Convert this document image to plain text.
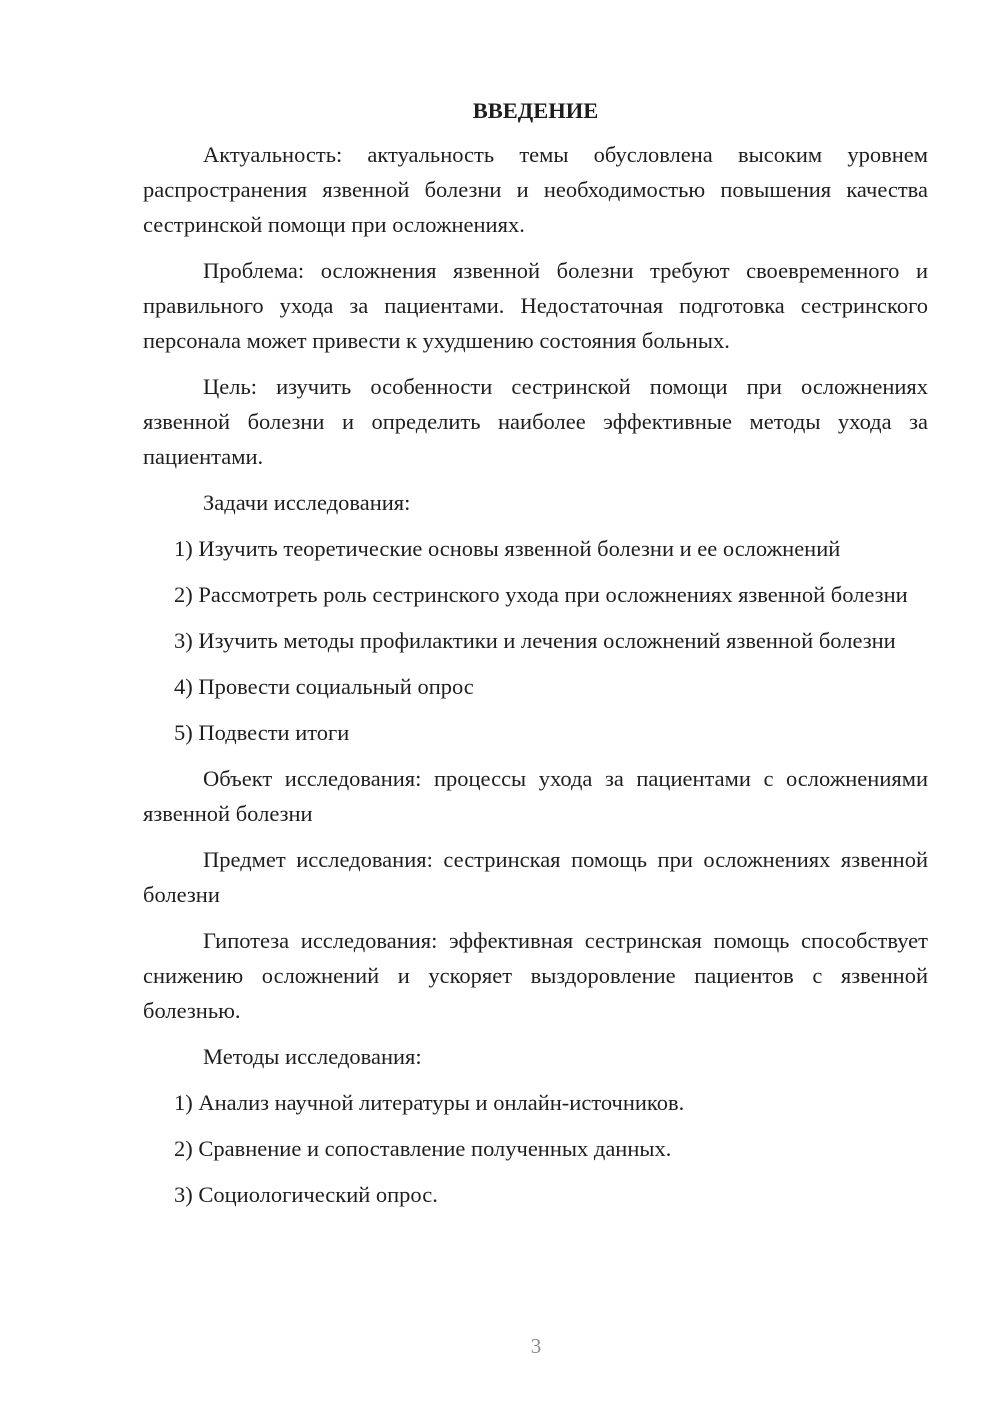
ВВЕДЕНИЕ

Актуальность: актуальность темы обусловлена высоким уровнем распространения язвенной болезни и необходимостью повышения качества сестринской помощи при осложнениях.

Проблема: осложнения язвенной болезни требуют своевременного и правильного ухода за пациентами. Недостаточная подготовка сестринского персонала может привести к ухудшению состояния больных.

Цель: изучить особенности сестринской помощи при осложнениях язвенной болезни и определить наиболее эффективные методы ухода за пациентами.

Задачи исследования:

1) Изучить теоретические основы язвенной болезни и ее осложнений

2) Рассмотреть роль сестринского ухода при осложнениях язвенной болезни

3) Изучить методы профилактики и лечения осложнений язвенной болезни

4) Провести социальный опрос

5) Подвести итоги

Объект исследования: процессы ухода за пациентами с осложнениями язвенной болезни

Предмет исследования: сестринская помощь при осложнениях язвенной болезни

Гипотеза исследования: эффективная сестринская помощь способствует снижению осложнений и ускоряет выздоровление пациентов с язвенной болезнью.

Методы исследования:

1) Анализ научной литературы и онлайн-источников.

2) Сравнение и сопоставление полученных данных.

3) Социологический опрос.

3
